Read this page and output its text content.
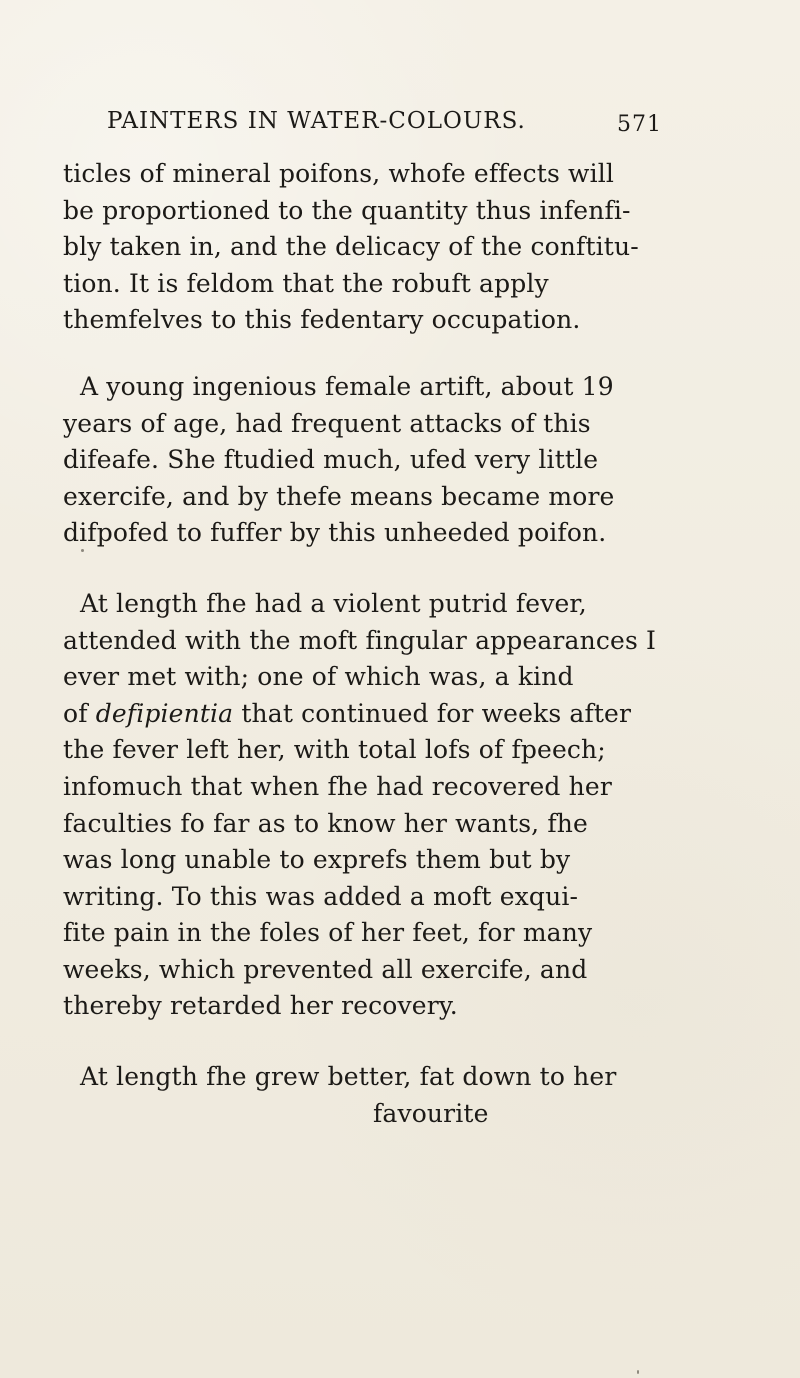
PAINTERS IN WATER-COLOURS.	571

ticles of mineral poifons, whofe effects will
be proportioned to the quantity thus infenfi-
bly taken in, and the delicacy of the conftitu-
tion. It is feldom that the robuft apply
themfelves to this fedentary occupation.

A young ingenious female artift, about 19
years of age, had frequent attacks of this
difeafe. She ftudied much, ufed very little
exercife, and by thefe means became more
difpofed to fuffer by this unheeded poifon.

At length fhe had a violent putrid fever,
attended with the moft fingular appearances I
ever met with; one of which was, a kind
of defipientia that continued for weeks after
the fever left her, with total lofs of fpeech;
infomuch that when fhe had recovered her
faculties fo far as to know her wants, fhe
was long unable to exprefs them but by
writing. To this was added a moft exqui-
fite pain in the foles of her feet, for many
weeks, which prevented all exercife, and
thereby retarded her recovery.

At length fhe grew better, fat down to her
favourite
